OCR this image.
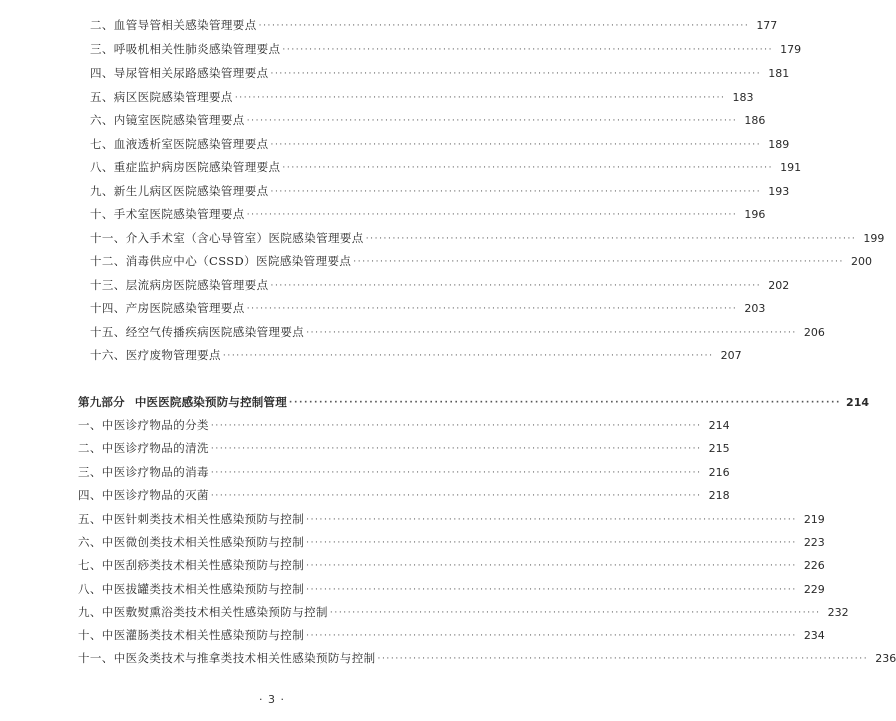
二、血管导管相关感染管理要点 ·············································································································· 177
三、呼吸机相关性肺炎感染管理要点 ·············································································································· 179
四、导尿管相关尿路感染管理要点 ·············································································································· 181
五、病区医院感染管理要点 ·············································································································· 183
六、内镜室医院感染管理要点 ·············································································································· 186
七、血液透析室医院感染管理要点 ·············································································································· 189
八、重症监护病房医院感染管理要点 ·············································································································· 191
九、新生儿病区医院感染管理要点 ·············································································································· 193
十、手术室医院感染管理要点 ·············································································································· 196
十一、介入手术室（含心导管室）医院感染管理要点 ·············································································································· 199
十二、消毒供应中心（CSSD）医院感染管理要点 ·············································································································· 200
十三、层流病房医院感染管理要点 ·············································································································· 202
十四、产房医院感染管理要点 ·············································································································· 203
十五、经空气传播疾病医院感染管理要点 ·············································································································· 206
十六、医疗废物管理要点 ·············································································································· 207
第九部分 中医医院感染预防与控制管理 ·············································································································· 214
一、中医诊疗物品的分类 ·············································································································· 214
二、中医诊疗物品的清洗 ·············································································································· 215
三、中医诊疗物品的消毒 ·············································································································· 216
四、中医诊疗物品的灭菌 ·············································································································· 218
五、中医针刺类技术相关性感染预防与控制 ·············································································································· 219
六、中医微创类技术相关性感染预防与控制 ·············································································································· 223
七、中医刮痧类技术相关性感染预防与控制 ·············································································································· 226
八、中医拔罐类技术相关性感染预防与控制 ·············································································································· 229
九、中医敷熨熏浴类技术相关性感染预防与控制 ·············································································································· 232
十、中医灌肠类技术相关性感染预防与控制 ·············································································································· 234
十一、中医灸类技术与推拿类技术相关性感染预防与控制 ·············································································································· 236
· 3 ·
